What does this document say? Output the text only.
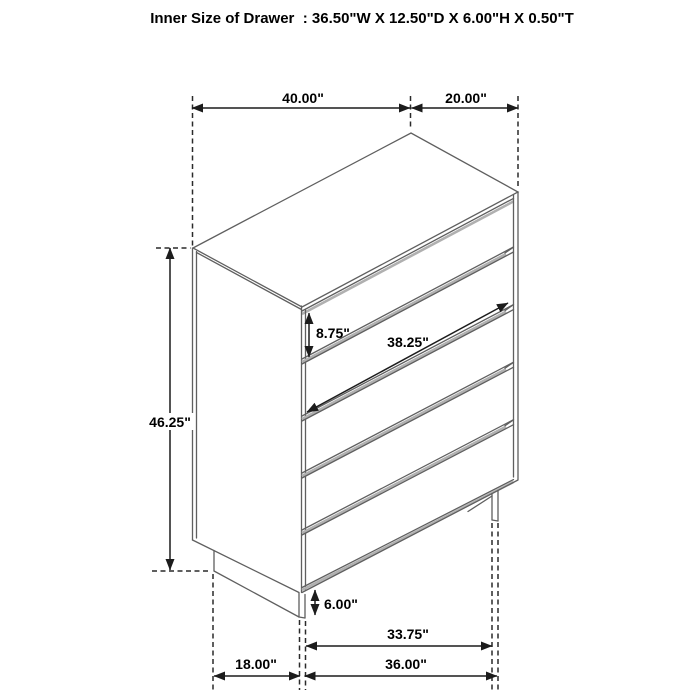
40.00"	20.00"
46.25"
8.75"
38.25"
6.00"
33.75"
36.00"
18.00"
Inner Size of Drawer  : 36.50"W X 12.50"D X 6.00"H X 0.50"T
